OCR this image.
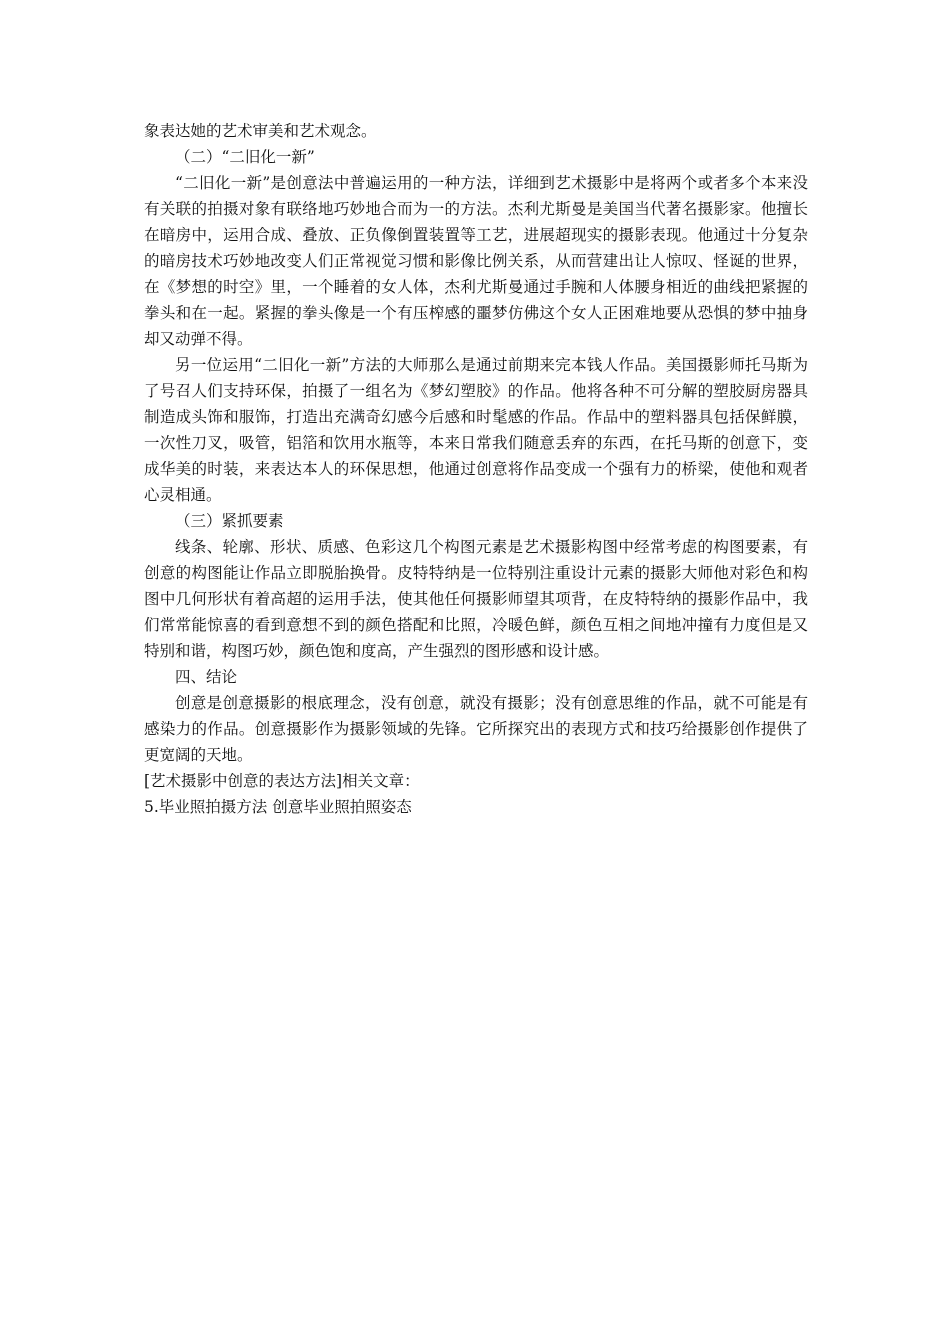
象表达她的艺术审美和艺术观念。

（二）“二旧化一新”

“二旧化一新”是创意法中普遍运用的一种方法，详细到艺术摄影中是将两个或者多个本来没有关联的拍摄对象有联络地巧妙地合而为一的方法。杰利尤斯曼是美国当代著名摄影家。他擅长在暗房中，运用合成、叠放、正负像倒置装置等工艺，进展超现实的摄影表现。他通过十分复杂的暗房技术巧妙地改变人们正常视觉习惯和影像比例关系，从而营建出让人惊叹、怪诞的世界，在《梦想的时空》里，一个睡着的女人体，杰利尤斯曼通过手腕和人体腰身相近的曲线把紧握的拳头和在一起。紧握的拳头像是一个有压榨感的噩梦仿佛这个女人正困难地要从恐惧的梦中抽身却又动弹不得。

另一位运用“二旧化一新”方法的大师那么是通过前期来完本钱人作品。美国摄影师托马斯为了号召人们支持环保，拍摄了一组名为《梦幻塑胶》的作品。他将各种不可分解的塑胶厨房器具制造成头饰和服饰，打造出充满奇幻感今后感和时髦感的作品。作品中的塑料器具包括保鲜膜，一次性刀叉，吸管，铝箔和饮用水瓶等，本来日常我们随意丢弃的东西，在托马斯的创意下，变成华美的时装，来表达本人的环保思想，他通过创意将作品变成一个强有力的桥梁，使他和观者心灵相通。

（三）紧抓要素

线条、轮廓、形状、质感、色彩这几个构图元素是艺术摄影构图中经常考虑的构图要素，有创意的构图能让作品立即脱胎换骨。皮特特纳是一位特别注重设计元素的摄影大师他对彩色和构图中几何形状有着高超的运用手法，使其他任何摄影师望其项背，在皮特特纳的摄影作品中，我们常常能惊喜的看到意想不到的颜色搭配和比照，冷暖色鲜，颜色互相之间地冲撞有力度但是又特别和谐，构图巧妙，颜色饱和度高，产生强烈的图形感和设计感。

四、结论

创意是创意摄影的根底理念，没有创意，就没有摄影；没有创意思维的作品，就不可能是有感染力的作品。创意摄影作为摄影领域的先锋。它所探究出的表现方式和技巧给摄影创作提供了更宽阔的天地。

[艺术摄影中创意的表达方法]相关文章：

5.毕业照拍摄方法 创意毕业照拍照姿态
